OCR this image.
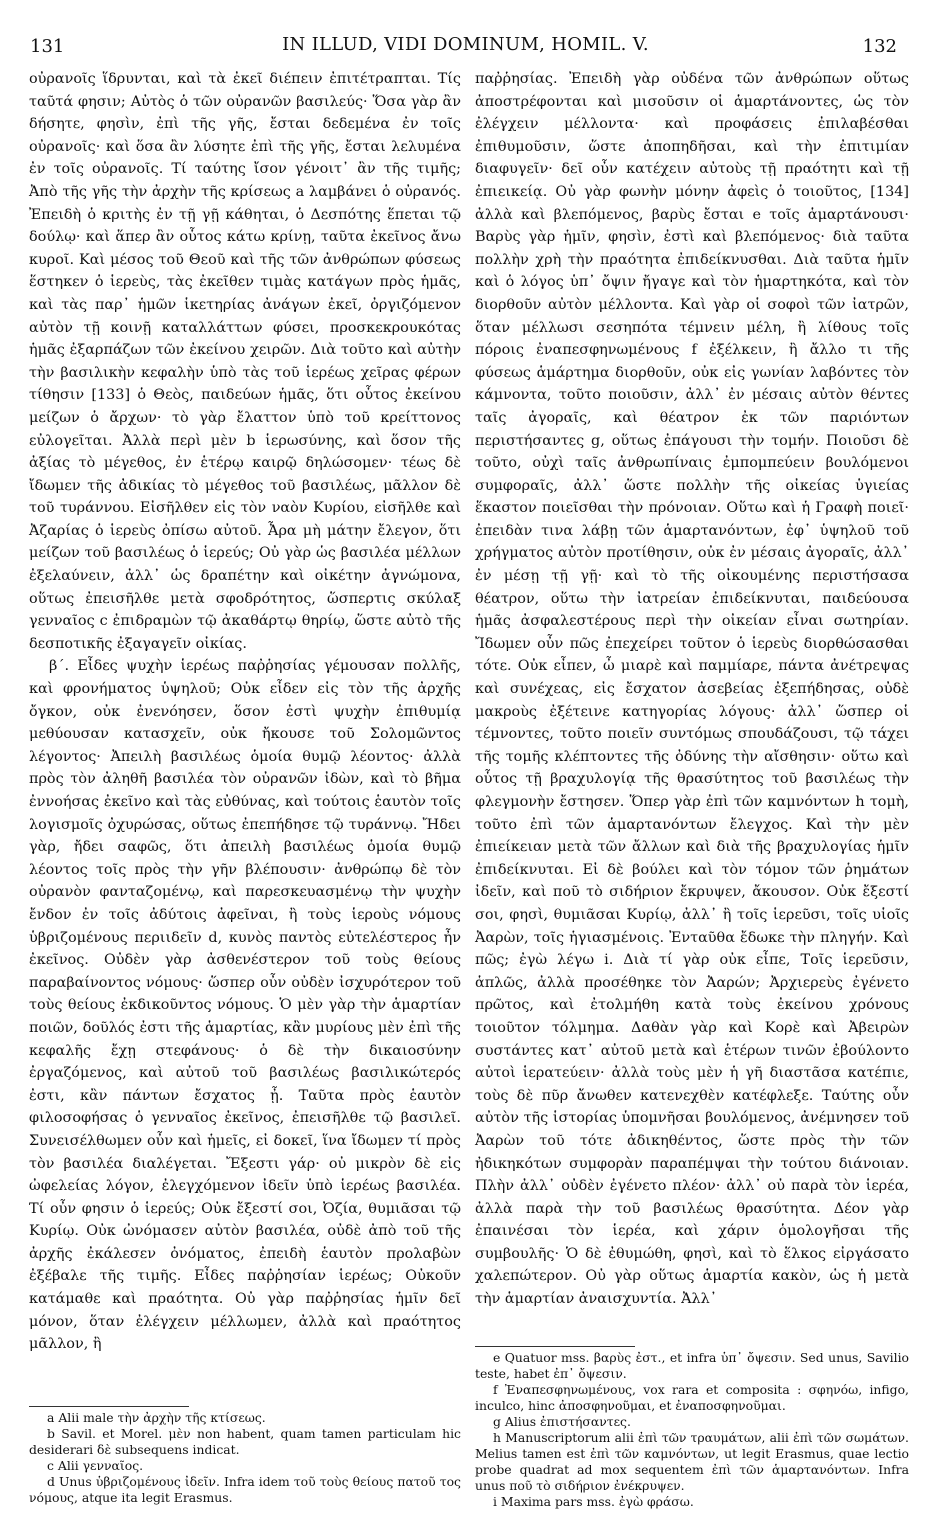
131	IN ILLUD, VIDI DOMINUM, HOMIL. V.	132

οὐρανοῖς ἵδρυνται, καὶ τὰ ἐκεῖ διέπειν ἐπιτέτραπται. Τίς ταῦτά φησιν; Αὐτὸς ὁ τῶν οὐρανῶν βασιλεύς· Ὅσα γὰρ ἂν δήσητε, φησὶν, ἐπὶ τῆς γῆς, ἔσται δεδεμένα ἐν τοῖς οὐρανοῖς· καὶ ὅσα ἂν λύσητε ἐπὶ τῆς γῆς, ἔσται λελυμένα ἐν τοῖς οὐρανοῖς. Τί ταύτης ἴσον γένοιτ᾽ ἂν τῆς τιμῆς; Ἀπὸ τῆς γῆς τὴν ἀρχὴν τῆς κρίσεως a λαμβάνει ὁ οὐρανός. Ἐπειδὴ ὁ κριτὴς ἐν τῇ γῇ κάθηται, ὁ Δεσπότης ἕπεται τῷ δούλῳ· καὶ ἅπερ ἂν οὗτος κάτω κρίνῃ, ταῦτα ἐκεῖνος ἄνω κυροῖ. Καὶ μέσος τοῦ Θεοῦ καὶ τῆς τῶν ἀνθρώπων φύσεως ἕστηκεν ὁ ἱερεὺς, τὰς ἐκεῖθεν τιμὰς κατάγων πρὸς ἡμᾶς, καὶ τὰς παρ᾽ ἡμῶν ἱκετηρίας ἀνάγων ἐκεῖ, ὀργιζόμενον αὐτὸν τῇ κοινῇ καταλλάττων φύσει, προσκεκρουκότας ἡμᾶς ἐξαρπάζων τῶν ἐκείνου χειρῶν. Διὰ τοῦτο καὶ αὐτὴν τὴν βασιλικὴν κεφαλὴν ὑπὸ τὰς τοῦ ἱερέως χεῖρας φέρων τίθησιν [133] ὁ Θεὸς, παιδεύων ἡμᾶς, ὅτι οὗτος ἐκείνου μείζων ὁ ἄρχων· τὸ γὰρ ἔλαττον ὑπὸ τοῦ κρείττονος εὐλογεῖται. Ἀλλὰ περὶ μὲν b ἱερωσύνης, καὶ ὅσον τῆς ἀξίας τὸ μέγεθος, ἐν ἑτέρῳ καιρῷ δηλώσομεν· τέως δὲ ἴδωμεν τῆς ἀδικίας τὸ μέγεθος τοῦ βασιλέως, μᾶλλον δὲ τοῦ τυράννου. Εἰσῆλθεν εἰς τὸν ναὸν Κυρίου, εἰσῆλθε καὶ Ἀζαρίας ὁ ἱερεὺς ὀπίσω αὐτοῦ. Ἆρα μὴ μάτην ἔλεγον, ὅτι μείζων τοῦ βασιλέως ὁ ἱερεύς; Οὐ γὰρ ὡς βασιλέα μέλλων ἐξελαύνειν, ἀλλ᾽ ὡς δραπέτην καὶ οἰκέτην ἀγνώμονα, οὕτως ἐπεισῆλθε μετὰ σφοδρότητος, ὥσπερτις σκύλαξ γενναῖος c ἐπιδραμὼν τῷ ἀκαθάρτῳ θηρίῳ, ὥστε αὐτὸ τῆς δεσποτικῆς ἐξαγαγεῖν οἰκίας.

β΄. Εἶδες ψυχὴν ἱερέως παῤῥησίας γέμουσαν πολλῆς, καὶ φρονήματος ὑψηλοῦ; Οὐκ εἶδεν εἰς τὸν τῆς ἀρχῆς ὄγκον, οὐκ ἐνενόησεν, ὅσον ἐστὶ ψυχὴν ἐπιθυμίᾳ μεθύουσαν κατασχεῖν, οὐκ ἤκουσε τοῦ Σολομῶντος λέγοντος· Ἀπειλὴ βασιλέως ὁμοία θυμῷ λέοντος· ἀλλὰ πρὸς τὸν ἀληθῆ βασιλέα τὸν οὐρανῶν ἰδὼν, καὶ τὸ βῆμα ἐννοήσας ἐκεῖνο καὶ τὰς εὐθύνας, καὶ τούτοις ἑαυτὸν τοῖς λογισμοῖς ὀχυρώσας, οὕτως ἐπεπήδησε τῷ τυράννῳ. Ἤδει γὰρ, ἤδει σαφῶς, ὅτι ἀπειλὴ βασιλέως ὁμοία θυμῷ λέοντος τοῖς πρὸς τὴν γῆν βλέπουσιν· ἀνθρώπῳ δὲ τὸν οὐρανὸν φανταζομένῳ, καὶ παρεσκευασμένῳ τὴν ψυχὴν ἔνδον ἐν τοῖς ἀδύτοις ἀφεῖναι, ἢ τοὺς ἱεροὺς νόμους ὑβριζομένους περιιδεῖν d, κυνὸς παντὸς εὐτελέστερος ἦν ἐκεῖνος. Οὐδὲν γὰρ ἀσθενέστερον τοῦ τοὺς θείους παραβαίνοντος νόμους· ὥσπερ οὖν οὐδὲν ἰσχυρότερον τοῦ τοὺς θείους ἐκδικοῦντος νόμους. Ὁ μὲν γὰρ τὴν ἁμαρτίαν ποιῶν, δοῦλός ἐστι τῆς ἁμαρτίας, κἂν μυρίους μὲν ἐπὶ τῆς κεφαλῆς ἔχῃ στεφάνους· ὁ δὲ τὴν δικαιοσύνην ἐργαζόμενος, καὶ αὐτοῦ τοῦ βασιλέως βασιλικώτερός ἐστι, κἂν πάντων ἔσχατος ᾖ. Ταῦτα πρὸς ἑαυτὸν φιλοσοφήσας ὁ γενναῖος ἐκεῖνος, ἐπεισῆλθε τῷ βασιλεῖ. Συνεισέλθωμεν οὖν καὶ ἡμεῖς, εἰ δοκεῖ, ἵνα ἴδωμεν τί πρὸς τὸν βασιλέα διαλέγεται. Ἔξεστι γάρ· οὐ μικρὸν δὲ εἰς ὠφελείας λόγον, ἐλεγχόμενον ἰδεῖν ὑπὸ ἱερέως βασιλέα. Τί οὖν φησιν ὁ ἱερεύς; Οὐκ ἔξεστί σοι, Ὀζία, θυμιᾶσαι τῷ Κυρίῳ. Οὐκ ὠνόμασεν αὐτὸν βασιλέα, οὐδὲ ἀπὸ τοῦ τῆς ἀρχῆς ἐκάλεσεν ὀνόματος, ἐπειδὴ ἑαυτὸν προλαβὼν ἐξέβαλε τῆς τιμῆς. Εἶδες παῤῥησίαν ἱερέως; Οὐκοῦν κατάμαθε καὶ πραότητα. Οὐ γὰρ παῤῥησίας ἡμῖν δεῖ μόνον, ὅταν ἐλέγχειν μέλλωμεν, ἀλλὰ καὶ πραότητος μᾶλλον, ἢ

παῤῥησίας. Ἐπειδὴ γὰρ οὐδένα τῶν ἀνθρώπων οὕτως ἀποστρέφονται καὶ μισοῦσιν οἱ ἁμαρτάνοντες, ὡς τὸν ἐλέγχειν μέλλοντα· καὶ προφάσεις ἐπιλαβέσθαι ἐπιθυμοῦσιν, ὥστε ἀποπηδῆσαι, καὶ τὴν ἐπιτιμίαν διαφυγεῖν· δεῖ οὖν κατέχειν αὐτοὺς τῇ πραότητι καὶ τῇ ἐπιεικείᾳ. Οὐ γὰρ φωνὴν μόνην ἀφεὶς ὁ τοιοῦτος, [134] ἀλλὰ καὶ βλεπόμενος, βαρὺς ἔσται e τοῖς ἁμαρτάνουσι· Βαρὺς γὰρ ἡμῖν, φησὶν, ἐστὶ καὶ βλεπόμενος· διὰ ταῦτα πολλὴν χρὴ τὴν πραότητα ἐπιδείκνυσθαι. Διὰ ταῦτα ἡμῖν καὶ ὁ λόγος ὑπ᾽ ὄψιν ἤγαγε καὶ τὸν ἡμαρτηκότα, καὶ τὸν διορθοῦν αὐτὸν μέλλοντα. Καὶ γὰρ οἱ σοφοὶ τῶν ἰατρῶν, ὅταν μέλλωσι σεσηπότα τέμνειν μέλη, ἢ λίθους τοῖς πόροις ἐναπεσφηνωμένους f ἐξέλκειν, ἢ ἄλλο τι τῆς φύσεως ἁμάρτημα διορθοῦν, οὐκ εἰς γωνίαν λαβόντες τὸν κάμνοντα, τοῦτο ποιοῦσιν, ἀλλ᾽ ἐν μέσαις αὐτὸν θέντες ταῖς ἀγοραῖς, καὶ θέατρον ἐκ τῶν παριόντων περιστήσαντες g, οὕτως ἐπάγουσι τὴν τομήν. Ποιοῦσι δὲ τοῦτο, οὐχὶ ταῖς ἀνθρωπίναις ἐμπομπεύειν βουλόμενοι συμφοραῖς, ἀλλ᾽ ὥστε πολλὴν τῆς οἰκείας ὑγιείας ἕκαστον ποιεῖσθαι τὴν πρόνοιαν. Οὕτω καὶ ἡ Γραφὴ ποιεῖ· ἐπειδὰν τινα λάβῃ τῶν ἁμαρτανόντων, ἐφ᾽ ὑψηλοῦ τοῦ χρήγματος αὐτὸν προτίθησιν, οὐκ ἐν μέσαις ἀγοραῖς, ἀλλ᾽ ἐν μέσῃ τῇ γῇ· καὶ τὸ τῆς οἰκουμένης περιστήσασα θέατρον, οὕτω τὴν ἰατρείαν ἐπιδείκνυται, παιδεύουσα ἡμᾶς ἀσφαλεστέρους περὶ τὴν οἰκείαν εἶναι σωτηρίαν. Ἴδωμεν οὖν πῶς ἐπεχείρει τοῦτον ὁ ἱερεὺς διορθώσασθαι τότε. Οὐκ εἶπεν, ὦ μιαρὲ καὶ παμμίαρε, πάντα ἀνέτρεψας καὶ συνέχεας, εἰς ἔσχατον ἀσεβείας ἐξεπήδησας, οὐδὲ μακροὺς ἐξέτεινε κατηγορίας λόγους· ἀλλ᾽ ὥσπερ οἱ τέμνοντες, τοῦτο ποιεῖν συντόμως σπουδάζουσι, τῷ τάχει τῆς τομῆς κλέπτοντες τῆς ὀδύνης τὴν αἴσθησιν· οὕτω καὶ οὗτος τῇ βραχυλογίᾳ τῆς θρασύτητος τοῦ βασιλέως τὴν φλεγμονὴν ἔστησεν. Ὅπερ γὰρ ἐπὶ τῶν καμνόντων h τομὴ, τοῦτο ἐπὶ τῶν ἁμαρτανόντων ἔλεγχος. Καὶ τὴν μὲν ἐπιείκειαν μετὰ τῶν ἄλλων καὶ διὰ τῆς βραχυλογίας ἡμῖν ἐπιδείκνυται. Εἰ δὲ βούλει καὶ τὸν τόμον τῶν ῥημάτων ἰδεῖν, καὶ ποῦ τὸ σιδήριον ἔκρυψεν, ἄκουσον. Οὐκ ἔξεστί σοι, φησὶ, θυμιᾶσαι Κυρίῳ, ἀλλ᾽ ἢ τοῖς ἱερεῦσι, τοῖς υἱοῖς Ἀαρὼν, τοῖς ἡγιασμένοις. Ἐνταῦθα ἔδωκε τὴν πληγήν. Καὶ πῶς; ἐγὼ λέγω i. Διὰ τί γὰρ οὐκ εἶπε, Τοῖς ἱερεῦσιν, ἁπλῶς, ἀλλὰ προσέθηκε τὸν Ἀαρών; Ἀρχιερεὺς ἐγένετο πρῶτος, καὶ ἐτολμήθη κατὰ τοὺς ἐκείνου χρόνους τοιοῦτον τόλμημα. Δαθὰν γὰρ καὶ Κορὲ καὶ Ἀβειρὼν συστάντες κατ᾽ αὐτοῦ μετὰ καὶ ἑτέρων τινῶν ἐβούλοντο αὐτοὶ ἱερατεύειν· ἀλλὰ τοὺς μὲν ἡ γῆ διαστᾶσα κατέπιε, τοὺς δὲ πῦρ ἄνωθεν κατενεχθὲν κατέφλεξε. Ταύτης οὖν αὐτὸν τῆς ἱστορίας ὑπομνῆσαι βουλόμενος, ἀνέμνησεν τοῦ Ἀαρὼν τοῦ τότε ἀδικηθέντος, ὥστε πρὸς τὴν τῶν ἠδικηκότων συμφορὰν παραπέμψαι τὴν τούτου διάνοιαν. Πλὴν ἀλλ᾽ οὐδὲν ἐγένετο πλέον· ἀλλ᾽ οὐ παρὰ τὸν ἱερέα, ἀλλὰ παρὰ τὴν τοῦ βασιλέως θρασύτητα. Δέον γὰρ ἐπαινέσαι τὸν ἱερέα, καὶ χάριν ὁμολογῆσαι τῆς συμβουλῆς· Ὁ δὲ ἐθυμώθη, φησὶ, καὶ τὸ ἕλκος εἰργάσατο χαλεπώτερον. Οὐ γὰρ οὕτως ἁμαρτία κακὸν, ὡς ἡ μετὰ τὴν ἁμαρτίαν ἀναισχυντία. Ἀλλ᾽

a Alii male τὴν ἀρχὴν τῆς κτίσεως.

b Savil. et Morel. μὲν non habent, quam tamen particulam hic desiderari δὲ subsequens indicat.

c Alii γενναῖος.

d Unus ὑβριζομένους ἰδεῖν. Infra idem τοῦ τοὺς θείους πατοῦ τος νόμους, atque ita legit Erasmus.

e Quatuor mss. βαρὺς ἐστ., et infra ὑπ᾽ ὄψεσιν. Sed unus, Savilio teste, habet ἐπ᾽ ὄψεσιν.

f Ἐναπεσφηνωμένους, vox rara et composita : σφηνόω, infigo, inculco, hinc ἀποσφηνοῦμαι, et ἐναποσφηνοῦμαι.

g Alius ἐπιστήσαντες.

h Manuscriptorum alii ἐπὶ τῶν τραυμάτων, alii ἐπὶ τῶν σωμάτων. Melius tamen est ἐπὶ τῶν καμνόντων, ut legit Erasmus, quae lectio probe quadrat ad mox sequentem ἐπὶ τῶν ἁμαρτανόντων. Infra unus ποῦ τὸ σιδήριον ἐνέκρυψεν.

i Maxima pars mss. ἐγὼ φράσω.
